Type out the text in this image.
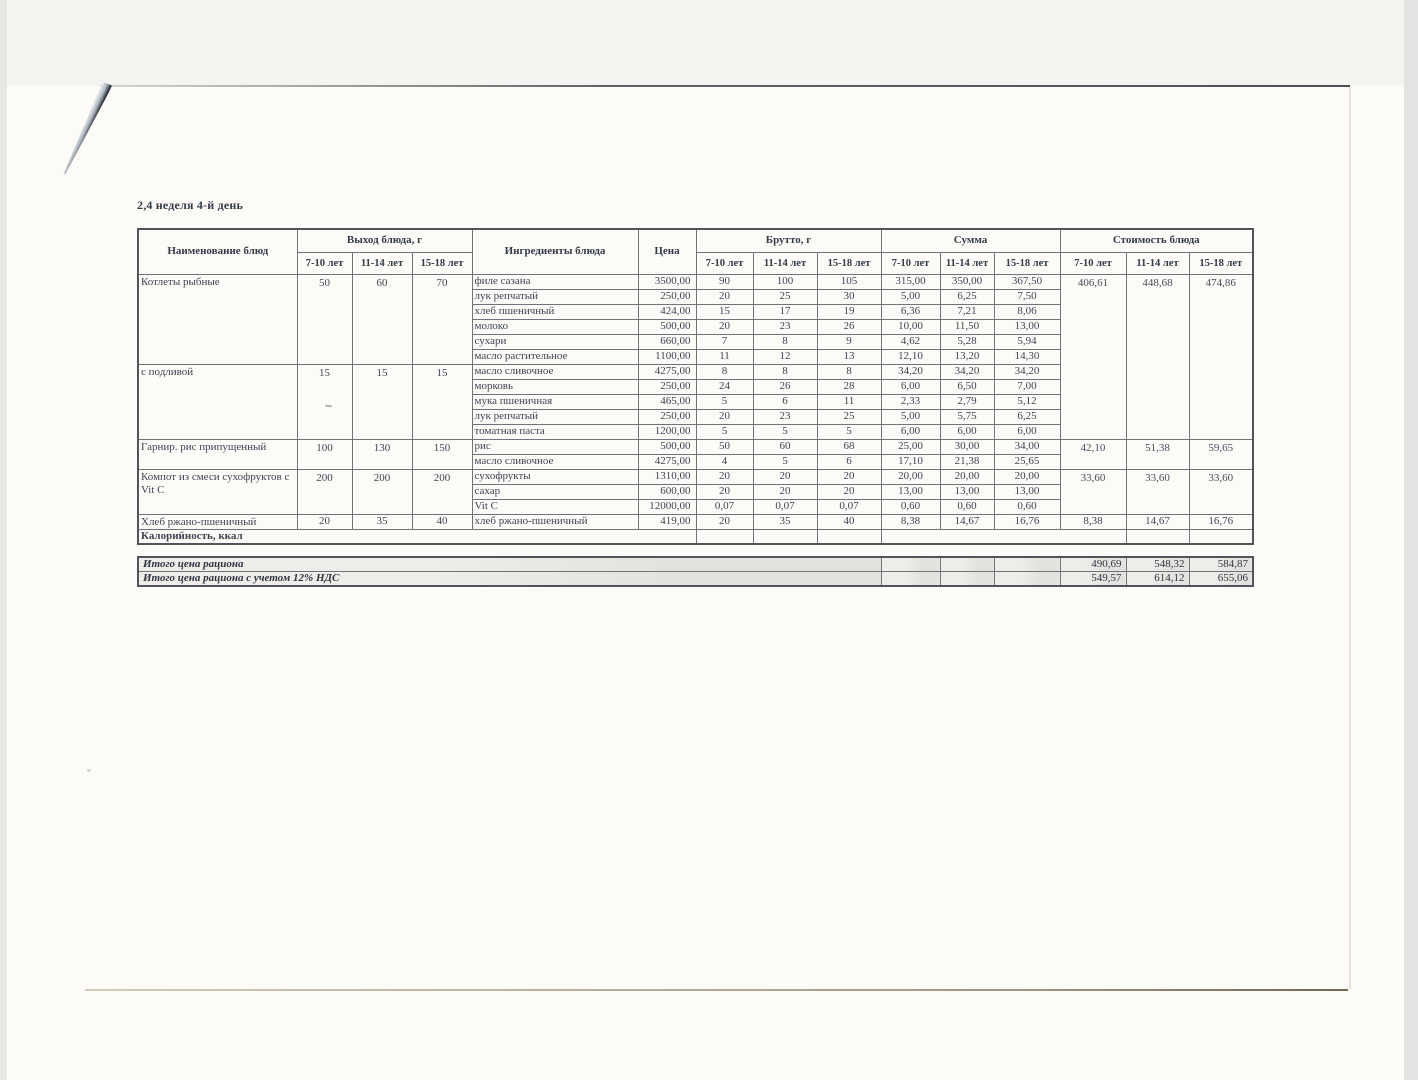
2,4 неделя 4-й день
Наименование блюд	Выход блюда, г			Ингредиенты блюда	Цена	Брутто, г			Сумма			Стоимость блюда		
	7-10 лет	11-14 лет	15-18 лет			7-10 лет	11-14 лет	15-18 лет	7-10 лет	11-14 лет	15-18 лет	7-10 лет	11-14 лет	15-18 лет
Котлеты рыбные	50	60	70	филе сазана	3500,00	90	100	105	315,00	350,00	367,50	406,61	448,68	474,86
				лук репчатый	250,00	20	25	30	5,00	6,25	7,50			
				хлеб пшеничный	424,00	15	17	19	6,36	7,21	8,06			
				молоко	500,00	20	23	26	10,00	11,50	13,00			
				сухари	660,00	7	8	9	4,62	5,28	5,94			
				масло растительное	1100,00	11	12	13	12,10	13,20	14,30			
с подливой	15	15	15	масло сливочное	4275,00	8	8	8	34,20	34,20	34,20			
				морковь	250,00	24	26	28	6,00	6,50	7,00			
				мука пшеничная	465,00	5	6	11	2,33	2,79	5,12			
				лук репчатый	250,00	20	23	25	5,00	5,75	6,25			
				томатная паста	1200,00	5	5	5	6,00	6,00	6,00			
Гарнир. рис припущенный	100	130	150	рис	500,00	50	60	68	25,00	30,00	34,00	42,10	51,38	59,65
				масло сливочное	4275,00	4	5	6	17,10	21,38	25,65			
Компот из смеси сухофруктов с Vit C	200	200	200	сухофрукты	1310,00	20	20	20	20,00	20,00	20,00	33,60	33,60	33,60
				сахар	600,00	20	20	20	13,00	13,00	13,00			
				Vit C	12000,00	0,07	0,07	0,07	0,60	0,60	0,60			
Хлеб ржано-пшеничный	20	35	40	хлеб ржано-пшеничный	419,00	20	35	40	8,38	14,67	16,76	8,38	14,67	16,76
Калорийность, ккал														
Итого цена рациона				490,69	548,32	584,87
Итого цена рациона с учетом 12% НДС				549,57	614,12	655,06
